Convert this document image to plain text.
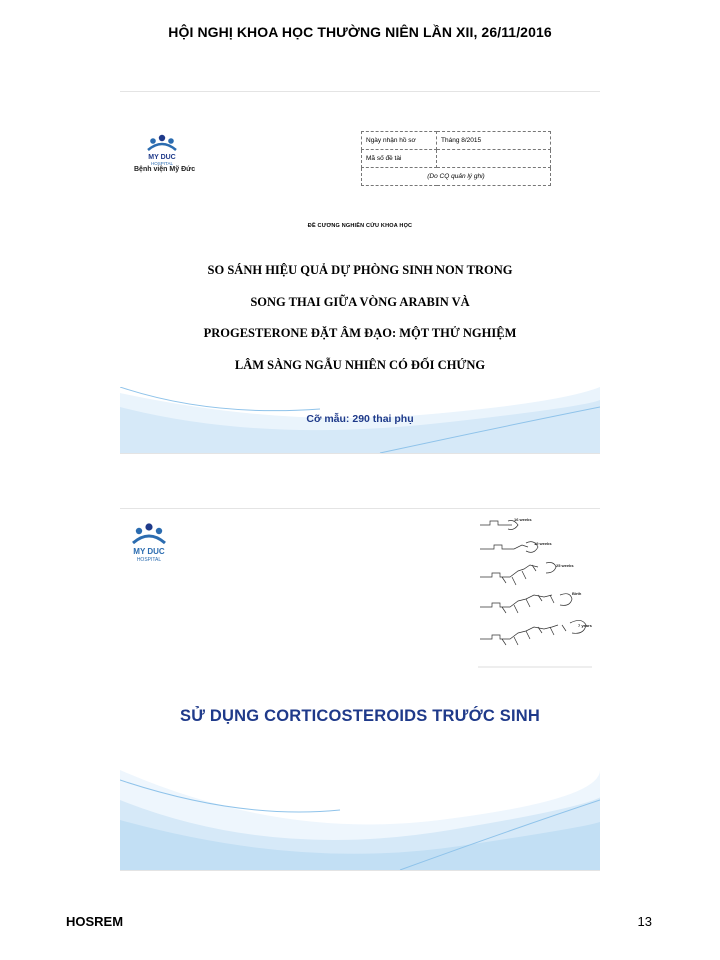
HỘI NGHỊ KHOA HỌC THƯỜNG NIÊN LẦN XII, 26/11/2016
MY DUC
HOSPITAL
Bệnh viện Mỹ Đức
Ngày nhận hồ sơ	Tháng 8/2015
Mã số đề tài	
(Do CQ quản lý ghi)	
ĐỀ CƯƠNG NGHIÊN CỨU KHOA HỌC
SO SÁNH HIỆU QUẢ DỰ PHÒNG SINH NON TRONG
SONG THAI GIỮA VÒNG ARABIN VÀ
PROGESTERONE ĐẶT ÂM ĐẠO: MỘT THỬ NGHIỆM
LÂM SÀNG NGẪU NHIÊN CÓ ĐỐI CHỨNG
Cỡ mẫu: 290 thai phụ
MY DUC
HOSPITAL
16 weeks
19 weeks
25 weeks
Birth
7 years
SỬ DỤNG CORTICOSTEROIDS TRƯỚC SINH
HOSREM	13
